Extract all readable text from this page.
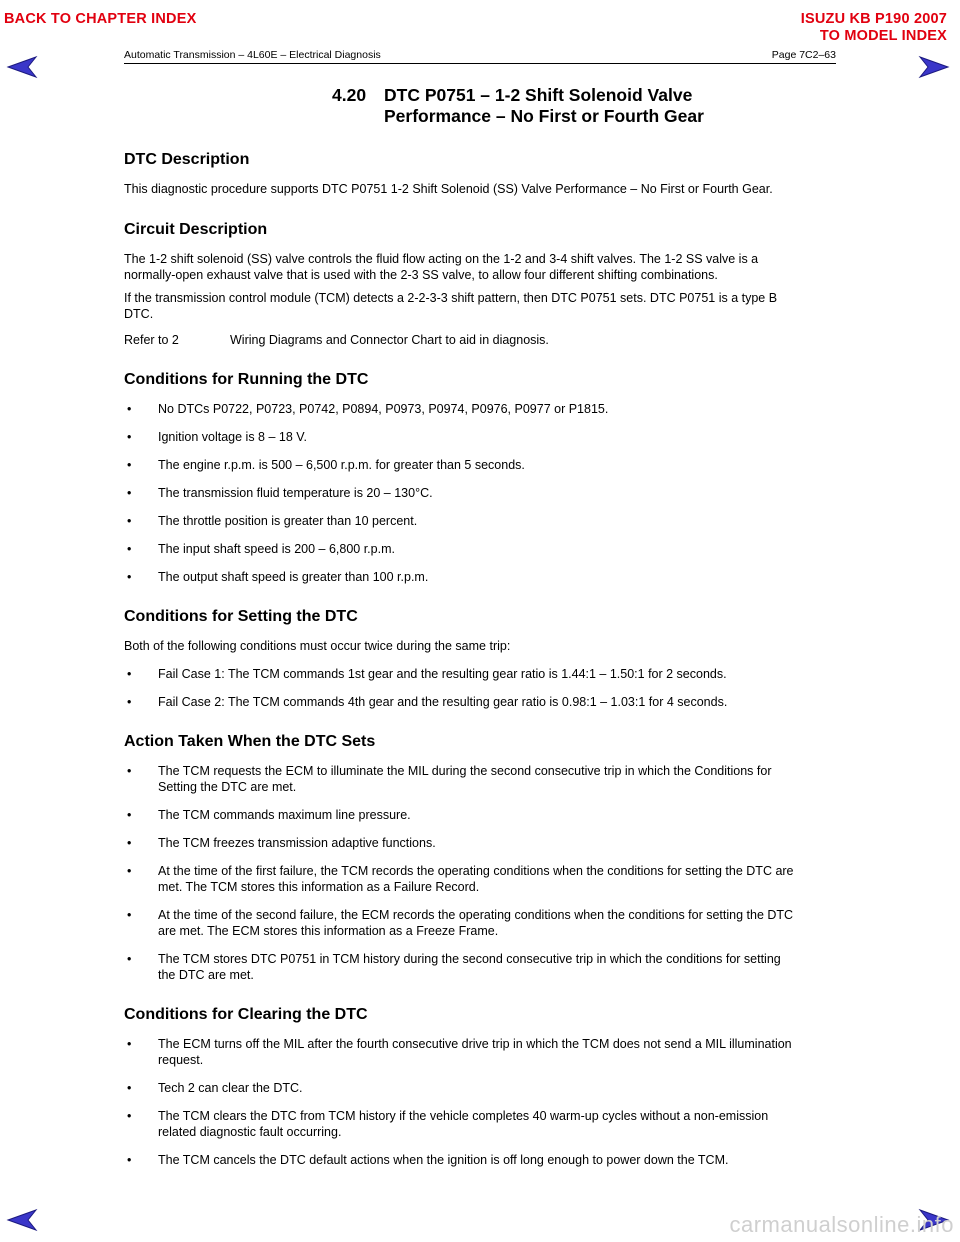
BACK TO CHAPTER INDEX	ISUZU KB P190 2007
TO MODEL INDEX
Automatic Transmission – 4L60E – Electrical Diagnosis	Page 7C2–63
4.20 DTC P0751 – 1-2 Shift Solenoid Valve
Performance – No First or Fourth Gear
DTC Description

This diagnostic procedure supports DTC P0751 1-2 Shift Solenoid (SS) Valve Performance – No First or Fourth Gear.

Circuit Description

The 1-2 shift solenoid (SS) valve controls the fluid flow acting on the 1-2 and 3-4 shift valves. The 1-2 SS valve is a
normally-open exhaust valve that is used with the 2-3 SS valve, to allow four different shifting combinations.

If the transmission control module (TCM) detects a 2-2-3-3 shift pattern, then DTC P0751 sets. DTC P0751 is a type B
DTC.

Refer to 2	Wiring Diagrams and Connector Chart to aid in diagnosis.

Conditions for Running the DTC
• No DTCs P0722, P0723, P0742, P0894, P0973, P0974, P0976, P0977 or P1815.
• Ignition voltage is 8 – 18 V.
• The engine r.p.m. is 500 – 6,500 r.p.m. for greater than 5 seconds.
• The transmission fluid temperature is 20 – 130°C.
• The throttle position is greater than 10 percent.
• The input shaft speed is 200 – 6,800 r.p.m.
• The output shaft speed is greater than 100 r.p.m.
Conditions for Setting the DTC

Both of the following conditions must occur twice during the same trip:

• Fail Case 1: The TCM commands 1st gear and the resulting gear ratio is 1.44:1 – 1.50:1 for 2 seconds.
• Fail Case 2: The TCM commands 4th gear and the resulting gear ratio is 0.98:1 – 1.03:1 for 4 seconds.
Action Taken When the DTC Sets
• The TCM requests the ECM to illuminate the MIL during the second consecutive trip in which the Conditions for
Setting the DTC are met.
• The TCM commands maximum line pressure.
• The TCM freezes transmission adaptive functions.
• At the time of the first failure, the TCM records the operating conditions when the conditions for setting the DTC are
met. The TCM stores this information as a Failure Record.
• At the time of the second failure, the ECM records the operating conditions when the conditions for setting the DTC
are met. The ECM stores this information as a Freeze Frame.
• The TCM stores DTC P0751 in TCM history during the second consecutive trip in which the conditions for setting
the DTC are met.
Conditions for Clearing the DTC
• The ECM turns off the MIL after the fourth consecutive drive trip in which the TCM does not send a MIL illumination
request.
• Tech 2 can clear the DTC.
• The TCM clears the DTC from TCM history if the vehicle completes 40 warm-up cycles without a non-emission
related diagnostic fault occurring.
• The TCM cancels the DTC default actions when the ignition is off long enough to power down the TCM.
carmanualsonline.info
